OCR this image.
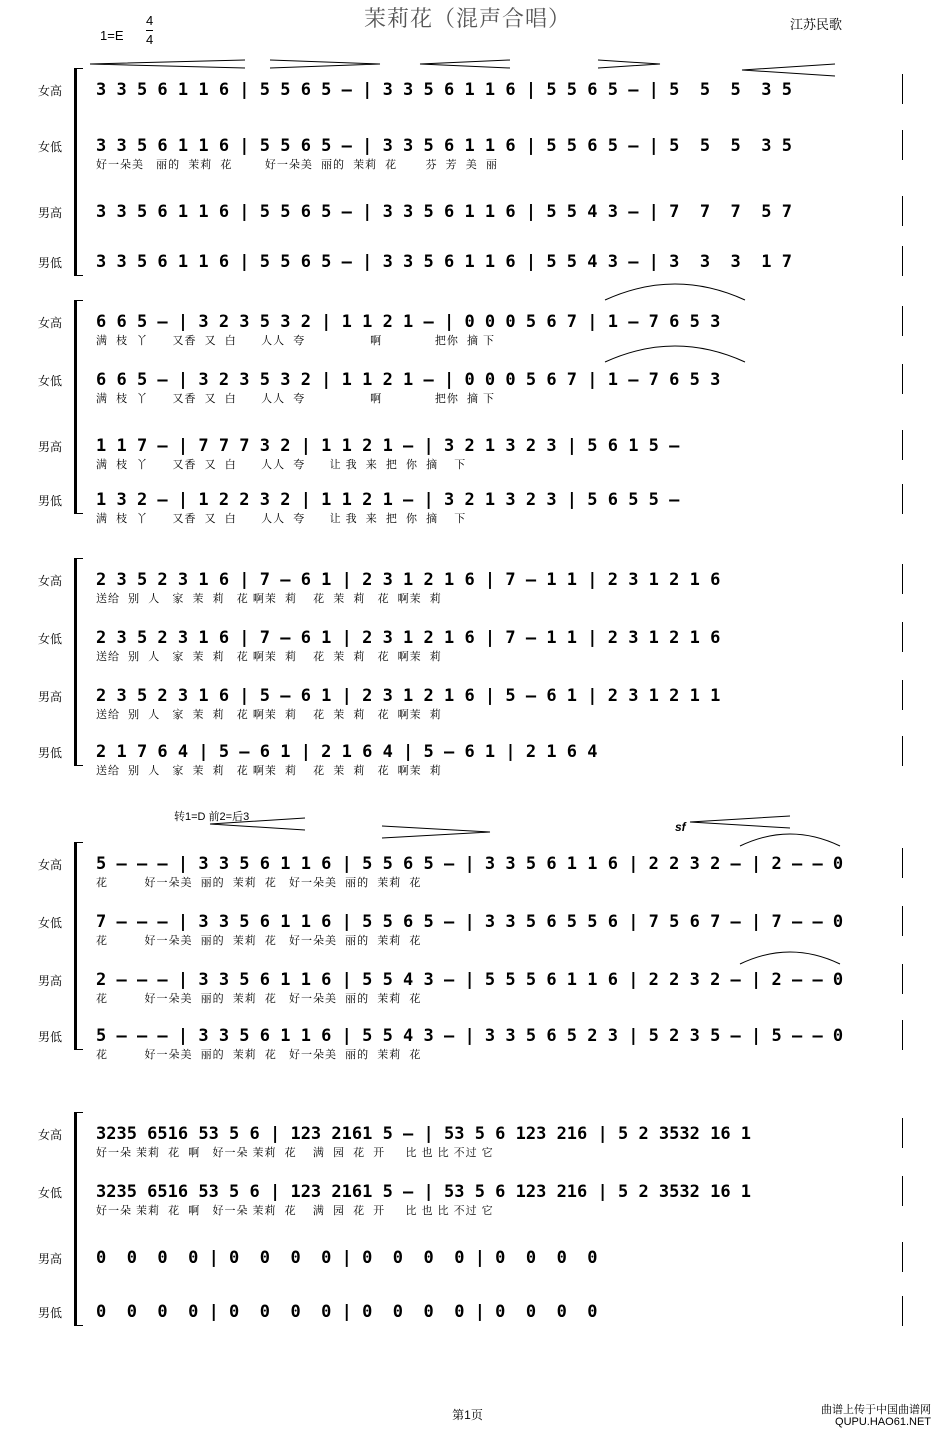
茉莉花（混声合唱）	江苏民歌
1=E
4
4
转1=D 前2=后3
sf
女高 3 3 5 6 1 1 6 | 5 5 6 5 – | 3 3 5 6 1 1 6 | 5 5 6 5 – | 5  5  5  3 5
女低 3 3 5 6 1 1 6 | 5 5 6 5 – | 3 3 5 6 1 1 6 | 5 5 6 5 – | 5  5  5  3 5
好一朵美   丽的  茉莉  花        好一朵美  丽的  茉莉  花       芬  芳  美  丽
男高 3 3 5 6 1 1 6 | 5 5 6 5 – | 3 3 5 6 1 1 6 | 5 5 4 3 – | 7  7  7  5 7
男低 3 3 5 6 1 1 6 | 5 5 6 5 – | 3 3 5 6 1 1 6 | 5 5 4 3 – | 3  3  3  1 7
女高 6 6 5 – | 3 2 3 5 3 2 | 1 1 2 1 – | 0 0 0 5 6 7 | 1 – 7 6 5 3
满  枝  丫      又香  又  白      人人  夸                啊             把你  摘 下
女低 6 6 5 – | 3 2 3 5 3 2 | 1 1 2 1 – | 0 0 0 5 6 7 | 1 – 7 6 5 3
满  枝  丫      又香  又  白      人人  夸                啊             把你  摘 下
男高 1 1 7 – | 7 7 7 3 2 | 1 1 2 1 – | 3 2 1 3 2 3 | 5 6 1 5 –
满  枝  丫      又香  又  白      人人  夸      让 我  来  把  你  摘    下
男低 1 3 2 – | 1 2 2 3 2 | 1 1 2 1 – | 3 2 1 3 2 3 | 5 6 5 5 –
满  枝  丫      又香  又  白      人人  夸      让 我  来  把  你  摘    下
女高 2 3 5 2 3 1 6 | 7 – 6 1 | 2 3 1 2 1 6 | 7 – 1 1 | 2 3 1 2 1 6
送给  别  人   家  茉  莉   花 啊茉  莉    花  茉  莉   花  啊茉  莉
女低 2 3 5 2 3 1 6 | 7 – 6 1 | 2 3 1 2 1 6 | 7 – 1 1 | 2 3 1 2 1 6
送给  别  人   家  茉  莉   花 啊茉  莉    花  茉  莉   花  啊茉  莉
男高 2 3 5 2 3 1 6 | 5 – 6 1 | 2 3 1 2 1 6 | 5 – 6 1 | 2 3 1 2 1 1
送给  别  人   家  茉  莉   花 啊茉  莉    花  茉  莉   花  啊茉  莉
男低 2 1 7 6 4 | 5 – 6 1 | 2 1 6 4 | 5 – 6 1 | 2 1 6 4
送给  别  人   家  茉  莉   花 啊茉  莉    花  茉  莉   花  啊茉  莉
女高 5 – – – | 3 3 5 6 1 1 6 | 5 5 6 5 – | 3 3 5 6 1 1 6 | 2 2 3 2 – | 2 – – 0
花         好一朵美  丽的  茉莉  花   好一朵美  丽的  茉莉  花
女低 7 – – – | 3 3 5 6 1 1 6 | 5 5 6 5 – | 3 3 5 6 5 5 6 | 7 5 6 7 – | 7 – – 0
花         好一朵美  丽的  茉莉  花   好一朵美  丽的  茉莉  花
男高 2 – – – | 3 3 5 6 1 1 6 | 5 5 4 3 – | 5 5 5 6 1 1 6 | 2 2 3 2 – | 2 – – 0
花         好一朵美  丽的  茉莉  花   好一朵美  丽的  茉莉  花
男低 5 – – – | 3 3 5 6 1 1 6 | 5 5 4 3 – | 3 3 5 6 5 2 3 | 5 2 3 5 – | 5 – – 0
花         好一朵美  丽的  茉莉  花   好一朵美  丽的  茉莉  花
女高 3235 6516 53 5 6 | 123 2161 5 – | 53 5 6 123 216 | 5 2 3532 16 1
好一朵 茉莉  花  啊   好一朵 茉莉  花    满  园  花  开     比 也 比 不过 它
女低 3235 6516 53 5 6 | 123 2161 5 – | 53 5 6 123 216 | 5 2 3532 16 1
好一朵 茉莉  花  啊   好一朵 茉莉  花    满  园  花  开     比 也 比 不过 它
男高 0  0  0  0 | 0  0  0  0 | 0  0  0  0 | 0  0  0  0
男低 0  0  0  0 | 0  0  0  0 | 0  0  0  0 | 0  0  0  0
第1页	曲谱上传于中国曲谱网
QUPU.HAO61.NET
